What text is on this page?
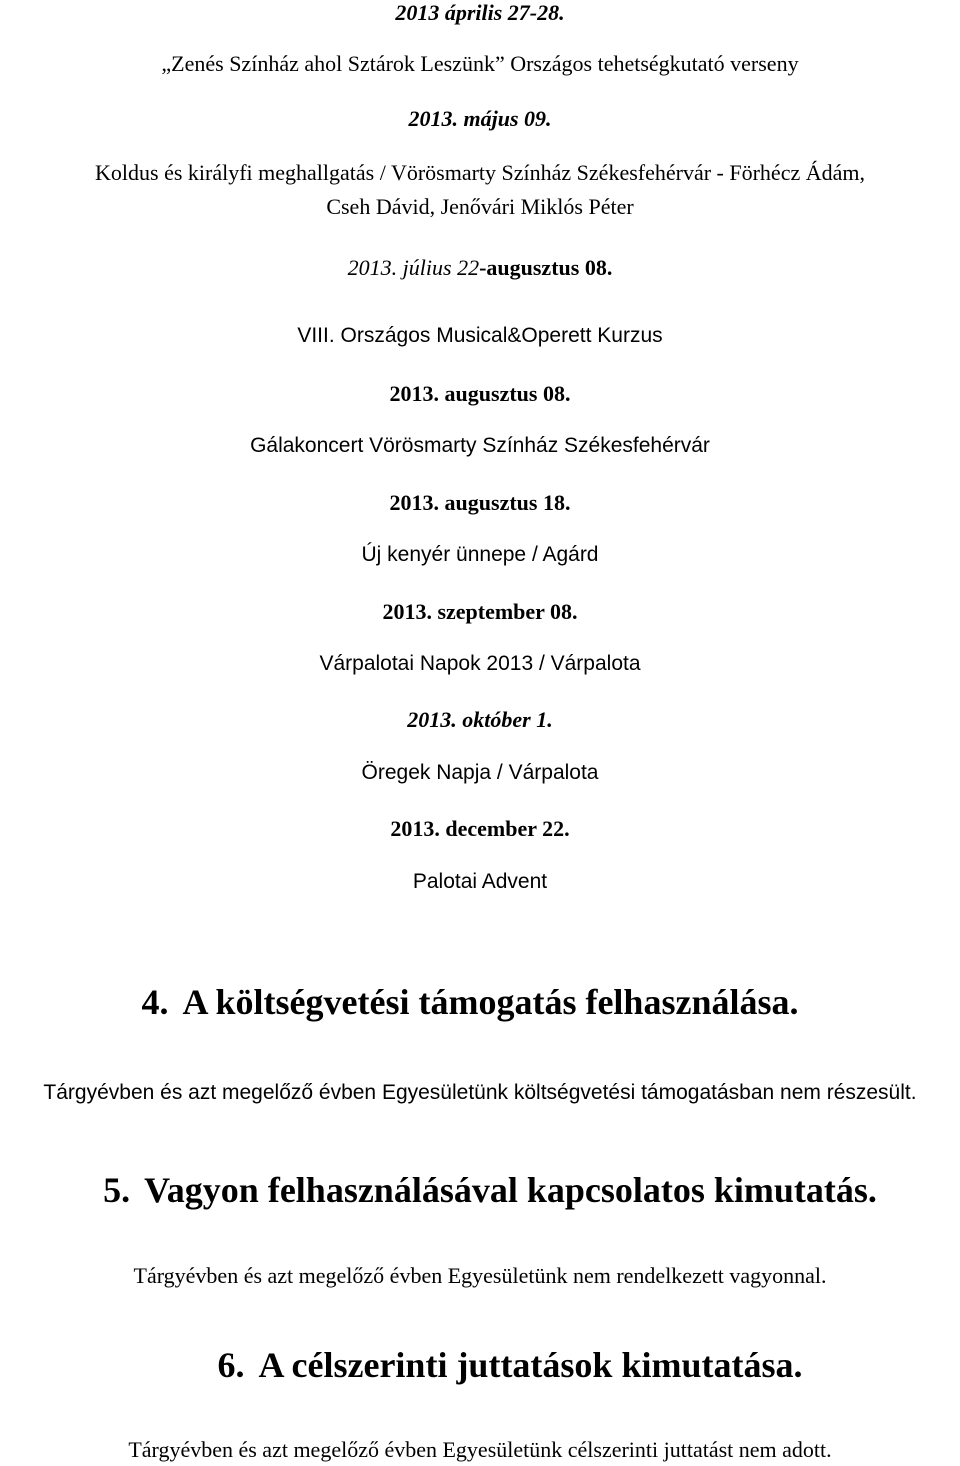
2013 április 27-28.
„Zenés Színház ahol Sztárok Leszünk” Országos tehetségkutató verseny
2013. május 09.
Koldus és királyfi meghallgatás / Vörösmarty Színház Székesfehérvár - Förhécz Ádám,
Cseh Dávid, Jenővári Miklós Péter
2013. július 22-augusztus 08.
VIII. Országos Musical&Operett Kurzus
2013. augusztus 08.
Gálakoncert Vörösmarty Színház Székesfehérvár
2013. augusztus 18.
Új kenyér ünnepe / Agárd
2013. szeptember 08.
Várpalotai Napok 2013 / Várpalota
2013. október 1.
Öregek Napja / Várpalota
2013. december 22.
Palotai Advent
4. A költségvetési támogatás felhasználása.
Tárgyévben és azt megelőző évben Egyesületünk költségvetési támogatásban nem részesült.
5. Vagyon felhasználásával kapcsolatos kimutatás.
Tárgyévben és azt megelőző évben Egyesületünk nem rendelkezett vagyonnal.
6. A célszerinti juttatások kimutatása.
Tárgyévben és azt megelőző évben Egyesületünk célszerinti juttatást nem adott.
